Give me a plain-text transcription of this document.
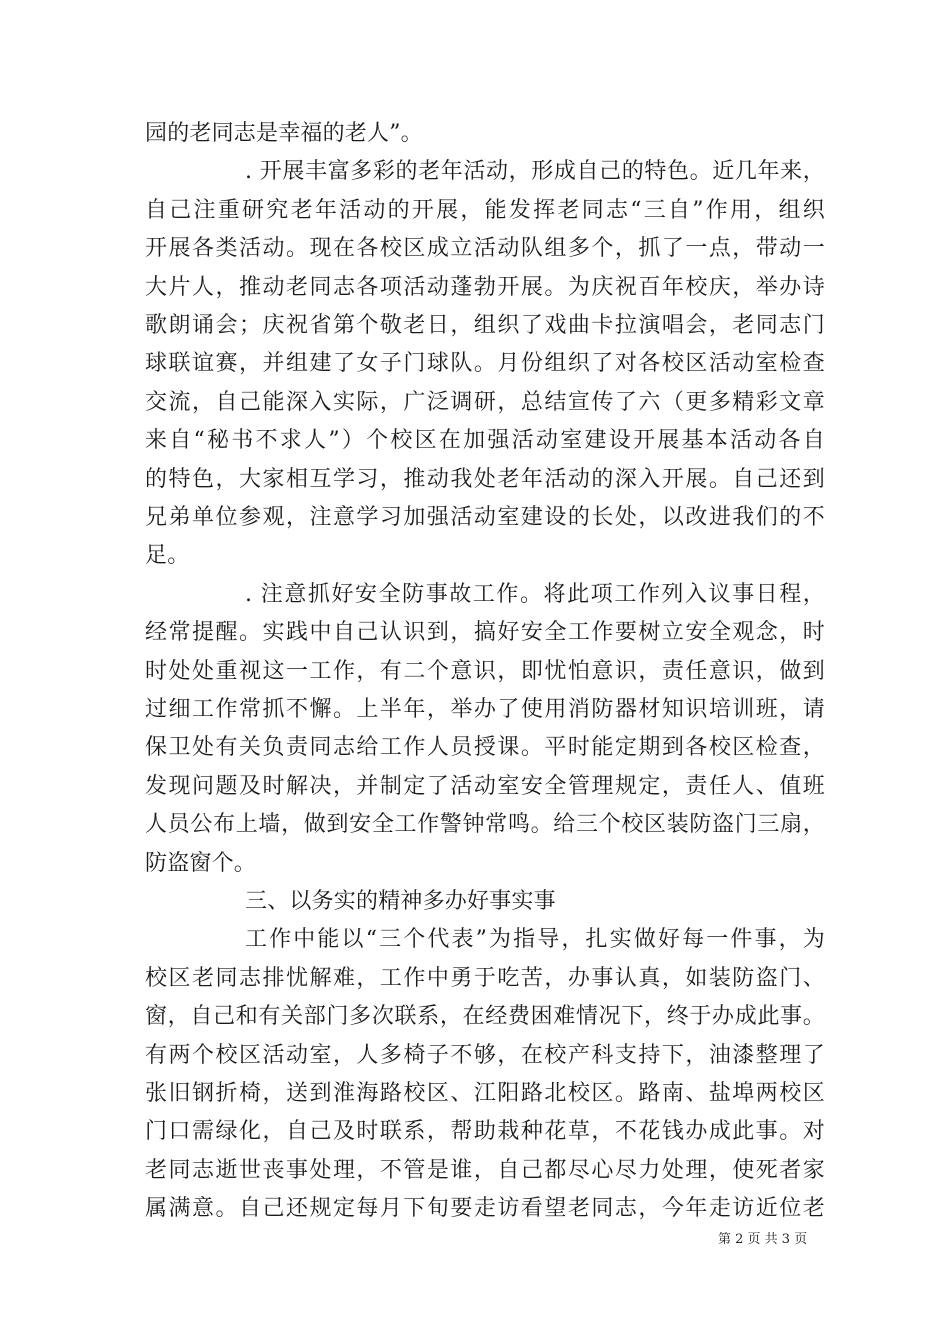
园的老同志是幸福的老人”。
. 开展丰富多彩的老年活动，形成自己的特色。近几年来，
自己注重研究老年活动的开展，能发挥老同志“三自”作用，组织
开展各类活动。现在各校区成立活动队组多个，抓了一点，带动一
大片人，推动老同志各项活动蓬勃开展。为庆祝百年校庆，举办诗
歌朗诵会；庆祝省第个敬老日，组织了戏曲卡拉演唱会，老同志门
球联谊赛，并组建了女子门球队。月份组织了对各校区活动室检查
交流，自己能深入实际，广泛调研，总结宣传了六（更多精彩文章
来自“秘书不求人”）个校区在加强活动室建设开展基本活动各自
的特色，大家相互学习，推动我处老年活动的深入开展。自己还到
兄弟单位参观，注意学习加强活动室建设的长处，以改进我们的不
足。
. 注意抓好安全防事故工作。将此项工作列入议事日程，
经常提醒。实践中自己认识到，搞好安全工作要树立安全观念，时
时处处重视这一工作，有二个意识，即忧怕意识，责任意识，做到
过细工作常抓不懈。上半年，举办了使用消防器材知识培训班，请
保卫处有关负责同志给工作人员授课。平时能定期到各校区检查，
发现问题及时解决，并制定了活动室安全管理规定，责任人、值班
人员公布上墙，做到安全工作警钟常鸣。给三个校区装防盗门三扇，
防盗窗个。
三、以务实的精神多办好事实事
工作中能以“三个代表”为指导，扎实做好每一件事，为
校区老同志排忧解难，工作中勇于吃苦，办事认真，如装防盗门、
窗，自己和有关部门多次联系，在经费困难情况下，终于办成此事。
有两个校区活动室，人多椅子不够，在校产科支持下，油漆整理了
张旧钢折椅，送到淮海路校区、江阳路北校区。路南、盐埠两校区
门口需绿化，自己及时联系，帮助栽种花草，不花钱办成此事。对
老同志逝世丧事处理，不管是谁，自己都尽心尽力处理，使死者家
属满意。自己还规定每月下旬要走访看望老同志，今年走访近位老
第 2 页 共 3 页
